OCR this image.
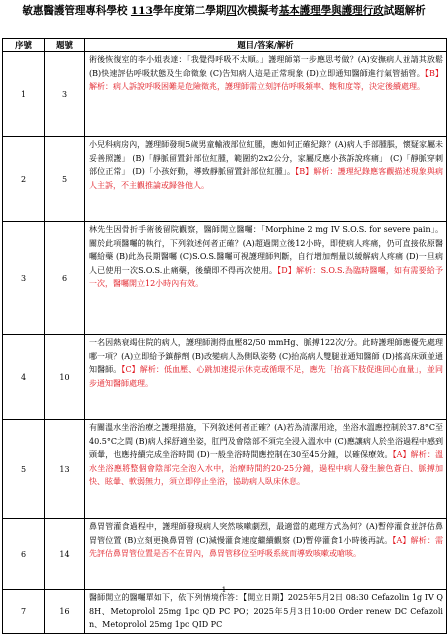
敏惠醫護管理專科學校 113學年度第二學期四次模擬考基本護理學與護理行政試題解析
序號	題號	題目/答案/解析
1	3	術後恢復室的李小姐表達：「我覺得呼吸不太順。」護理師第一步應思考做？(A)安撫病人並請其放鬆 (B)快速評估呼吸狀態及生命徵象 (C)告知病人這是正常現象 (D)立即通知醫師進行氣管插管。【B】解析：病人訴說呼吸困難是危險徵兆，護理師需立刻評估呼吸頻率、飽和度等，決定後續處理。
2	5	小兒科病房內，護理師發現5歲男童輸液部位紅腫，應如何正確紀錄？(A)病人手部腫脹，懷疑家屬未妥善照護」 (B)「靜脈留置針部位紅腫，範圍約2x2公分，家屬反應小孩訴說疼痛」 (C)「靜脈穿刺部位正常」 (D)「小孩好動，導致靜脈留置針部位紅腫」。【B】解析：護理紀錄應客觀描述現象與病人主訴，不主觀推論或歸咎他人。
3	6	林先生因骨折手術後留院觀察，醫師開立醫囑：「Morphine 2 mg IV S.O.S. for severe pain」。關於此項醫囑的執行，下列敘述何者正確？(A)超過開立後12小時，即使病人疼痛，仍可直接依原醫囑給藥 (B)此為長期醫囑 (C)S.O.S.醫囑可視護理師判斷，自行增加劑量以緩解病人疼痛 (D)一旦病人已使用一次S.O.S.止痛藥，後續即不得再次使用。【D】解析：S.O.S.為臨時醫囑，如有需要給予一次，醫囑開立12小時內有效。
4	10	一名因熱衰竭住院的病人，護理師測得血壓82/50 mmHg、脈搏122次/分。此時護理師應優先處理哪一項？(A)立即給予鎮靜劑 (B)改變病人為側臥姿勢 (C)抬高病人雙腿並通知醫師 (D)搖高床頭並通知醫師。【C】解析：低血壓、心跳加速提示休克或循環不足，應先「抬高下肢促進回心血量」，並同步通知醫師處理。
5	13	有關溫水坐浴治療之護理措施，下列敘述何者正確？(A)若為清潔用途，坐浴水溫應控制於37.8°C至40.5°C之間 (B)病人採舒適坐姿，肛門及會陰部不須完全浸入溫水中 (C)應讓病人於坐浴過程中感到頭暈，也應持續完成坐浴時間 (D)一般坐浴時間應控制在30至45分鐘，以確保療效。【A】解析：溫水坐浴應將整個會陰部完全泡入水中，治療時間約20-25分鐘，過程中病人發生臉色蒼白、脈搏加快、眩暈、軟弱無力，須立即停止坐浴，協助病人臥床休息。
6	14	鼻胃管灌食過程中，護理師發現病人突然咳嗽劇烈，最適當的處理方式為何？(A)暫停灌食並評估鼻胃管位置 (B)立刻更換鼻胃管 (C)減慢灌食速度繼續觀察 (D)暫停灌食1小時後再試。【A】解析：需先評估鼻胃管位置是否不在胃內，鼻胃管移位至呼吸系統而導致咳嗽或嗆咳。
7	16	醫師開立的醫囑單如下，依下列情境作答：【開立日期】2025年5月2日 08:30 Cefazolin 1g IV Q8H、Metoprolol 25mg 1pc QD PC PO；2025年5月3日10:00 Order renew DC Cefazolin、Metoprolol 25mg 1pc QID PC
1
